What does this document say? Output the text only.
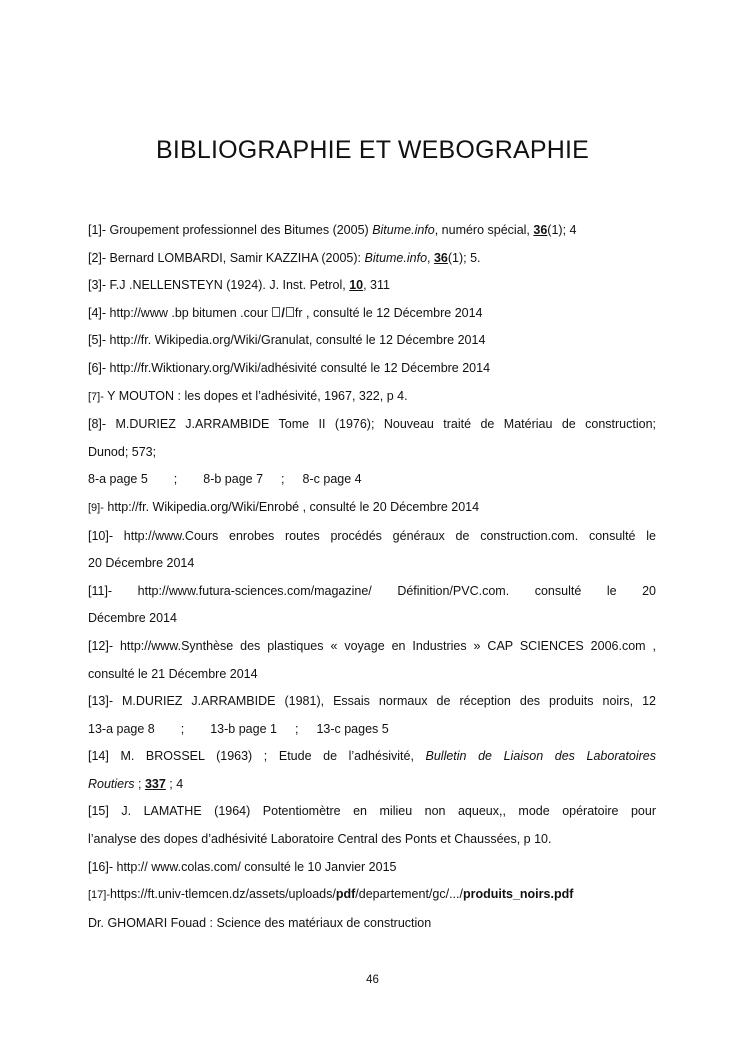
BIBLIOGRAPHIE ET WEBOGRAPHIE

[1]- Groupement professionnel des Bitumes (2005) Bitume.info, numéro spécial, 36(1); 4

[2]- Bernard LOMBARDI, Samir KAZZIHA (2005): Bitume.info, 36(1); 5.

[3]- F.J .NELLENSTEYN (1924). J. Inst. Petrol, 10, 311

[4]- http://www .bp bitumen .cour / fr , consulté le 12 Décembre 2014

[5]- http://fr. Wikipedia.org/Wiki/Granulat, consulté le 12 Décembre 2014

[6]- http://fr.Wiktionary.org/Wiki/adhésivité consulté le 12 Décembre 2014

[7]- Y MOUTON : les dopes et l’adhésivité, 1967, 322, p 4.

[8]- M.DURIEZ J.ARRAMBIDE Tome II (1976); Nouveau traité de Matériau de construction;

Dunod; 573;

8-a page 5 ; 8-b page 7 ; 8-c page 4

[9]- http://fr. Wikipedia.org/Wiki/Enrobé , consulté le 20 Décembre 2014

[10]- http://www.Cours enrobes routes procédés généraux de construction.com. consulté le

20 Décembre 2014

[11]- http://www.futura-sciences.com/magazine/ Définition/PVC.com. consulté le 20

Décembre 2014

[12]- http://www.Synthèse des plastiques « voyage en Industries » CAP SCIENCES 2006.com ,

consulté le 21 Décembre 2014

[13]- M.DURIEZ J.ARRAMBIDE (1981), Essais normaux de réception des produits noirs, 12

13-a page 8 ; 13-b page 1 ; 13-c pages 5

[14] M. BROSSEL (1963) ; Etude de l’adhésivité, Bulletin de Liaison des Laboratoires

Routiers ; 337 ; 4

[15] J. LAMATHE (1964) Potentiomètre en milieu non aqueux,, mode opératoire pour

l’analyse des dopes d’adhésivité Laboratoire Central des Ponts et Chaussées, p 10.

[16]- http:// www.colas.com/ consulté le 10 Janvier 2015

[17]-https://ft.univ-tlemcen.dz/assets/uploads/pdf/departement/gc/.../produits_noirs.pdf

Dr. GHOMARI Fouad : Science des matériaux de construction

46
